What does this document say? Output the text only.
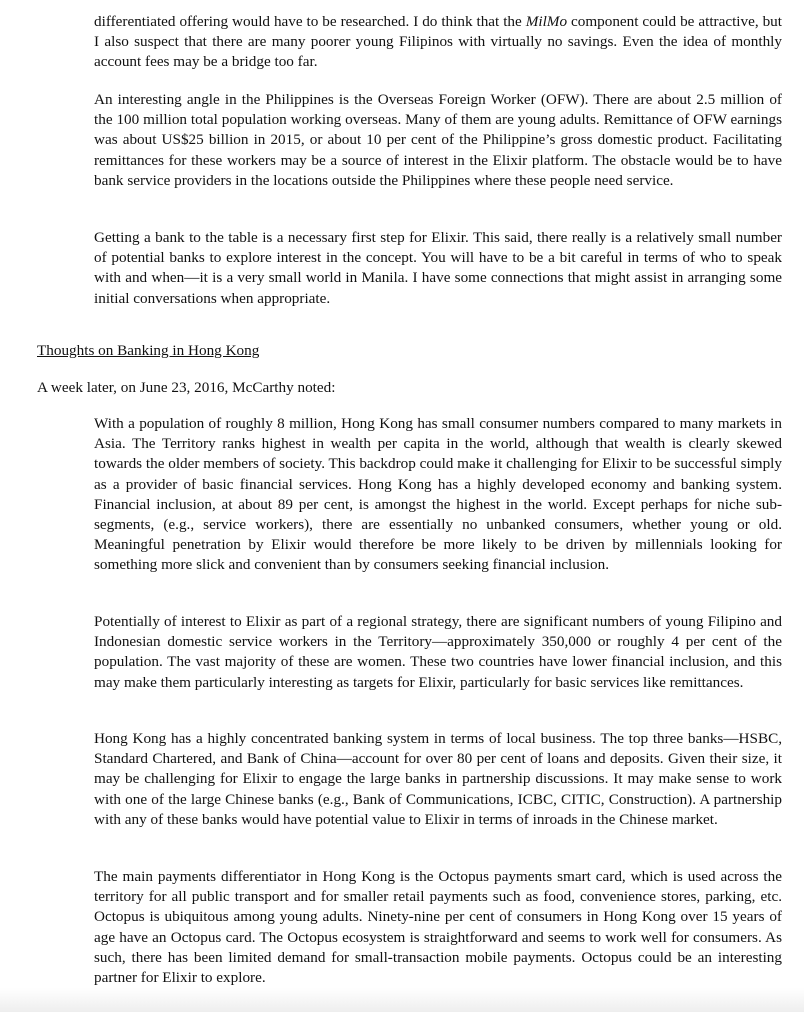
differentiated offering would have to be researched. I do think that the MilMo component could be attractive, but I also suspect that there are many poorer young Filipinos with virtually no savings. Even the idea of monthly account fees may be a bridge too far.

An interesting angle in the Philippines is the Overseas Foreign Worker (OFW). There are about 2.5 million of the 100 million total population working overseas. Many of them are young adults. Remittance of OFW earnings was about US$25 billion in 2015, or about 10 per cent of the Philippine’s gross domestic product. Facilitating remittances for these workers may be a source of interest in the Elixir platform. The obstacle would be to have bank service providers in the locations outside the Philippines where these people need service.

Getting a bank to the table is a necessary first step for Elixir. This said, there really is a relatively small number of potential banks to explore interest in the concept. You will have to be a bit careful in terms of who to speak with and when—it is a very small world in Manila. I have some connections that might assist in arranging some initial conversations when appropriate.

Thoughts on Banking in Hong Kong

A week later, on June 23, 2016, McCarthy noted:

With a population of roughly 8 million, Hong Kong has small consumer numbers compared to many markets in Asia. The Territory ranks highest in wealth per capita in the world, although that wealth is clearly skewed towards the older members of society. This backdrop could make it challenging for Elixir to be successful simply as a provider of basic financial services. Hong Kong has a highly developed economy and banking system. Financial inclusion, at about 89 per cent, is amongst the highest in the world. Except perhaps for niche sub-segments, (e.g., service workers), there are essentially no unbanked consumers, whether young or old. Meaningful penetration by Elixir would therefore be more likely to be driven by millennials looking for something more slick and convenient than by consumers seeking financial inclusion.

Potentially of interest to Elixir as part of a regional strategy, there are significant numbers of young Filipino and Indonesian domestic service workers in the Territory—approximately 350,000 or roughly 4 per cent of the population. The vast majority of these are women. These two countries have lower financial inclusion, and this may make them particularly interesting as targets for Elixir, particularly for basic services like remittances.

Hong Kong has a highly concentrated banking system in terms of local business. The top three banks—HSBC, Standard Chartered, and Bank of China—account for over 80 per cent of loans and deposits. Given their size, it may be challenging for Elixir to engage the large banks in partnership discussions. It may make sense to work with one of the large Chinese banks (e.g., Bank of Communications, ICBC, CITIC, Construction). A partnership with any of these banks would have potential value to Elixir in terms of inroads in the Chinese market.

The main payments differentiator in Hong Kong is the Octopus payments smart card, which is used across the territory for all public transport and for smaller retail payments such as food, convenience stores, parking, etc. Octopus is ubiquitous among young adults. Ninety-nine per cent of consumers in Hong Kong over 15 years of age have an Octopus card. The Octopus ecosystem is straightforward and seems to work well for consumers. As such, there has been limited demand for small-transaction mobile payments. Octopus could be an interesting partner for Elixir to explore.
